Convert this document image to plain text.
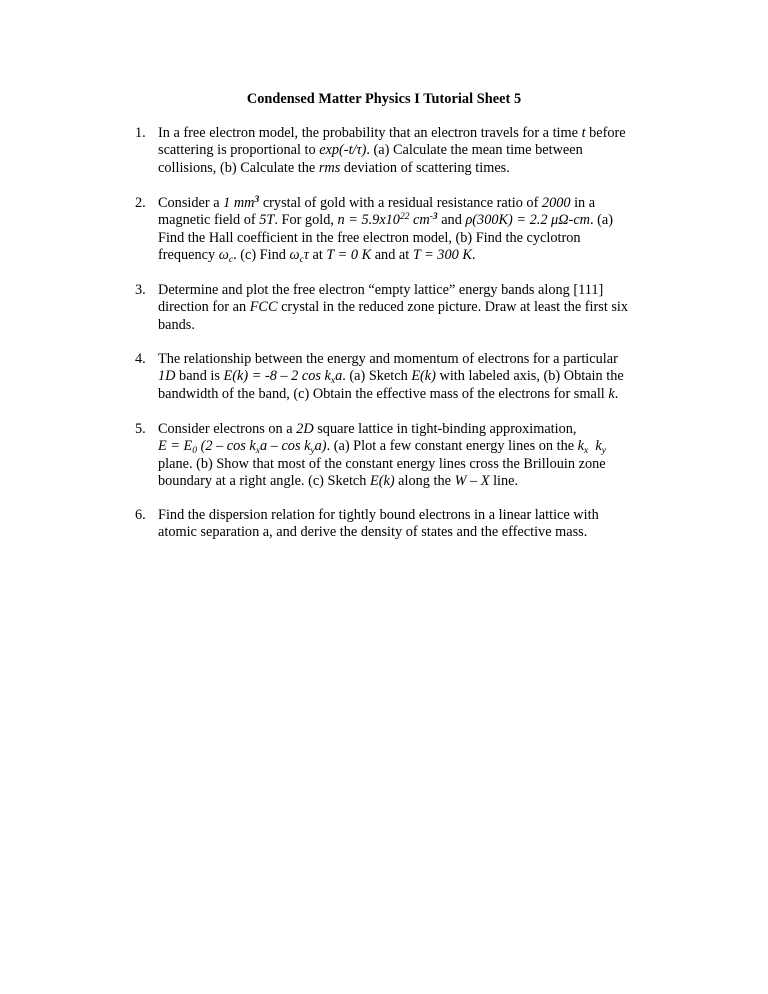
Condensed Matter Physics I Tutorial Sheet 5
1. In a free electron model, the probability that an electron travels for a time t before
scattering is proportional to exp(-t/τ). (a) Calculate the mean time between
collisions, (b) Calculate the rms deviation of scattering times.
2. Consider a 1 $mm^3$ crystal of gold with a residual resistance ratio of 2000 in a
magnetic field of 5T. For gold, $n = 5.9x10^{22}$ $cm^{-3}$ and ρ(300K) = 2.2 μΩ-cm. (a)
Find the Hall coefficient in the free electron model, (b) Find the cyclotron
frequency $\omega_c$. (c) Find $\omega_c\tau$ at T = 0 K and at T = 300 K.
3. Determine and plot the free electron “empty lattice” energy bands along [111]
direction for an FCC crystal in the reduced zone picture. Draw at least the first six
bands.
4. The relationship between the energy and momentum of electrons for a particular
1D band is E(k) = -8 – 2 $\cos k_xa$. (a) Sketch E(k) with labeled axis, (b) Obtain the
bandwidth of the band, (c) Obtain the effective mass of the electrons for small k.
5. Consider electrons on a 2D square lattice in tight-binding approximation,
$E = E_0$ ($2 - \cos k_xa$ – $\cos k_ya$). (a) Plot a few constant energy lines on the $k_x$  $k_y$
plane. (b) Show that most of the constant energy lines cross the Brillouin zone
boundary at a right angle. (c) Sketch E(k) along the W – X line.
6. Find the dispersion relation for tightly bound electrons in a linear lattice with
atomic separation a, and derive the density of states and the effective mass.
